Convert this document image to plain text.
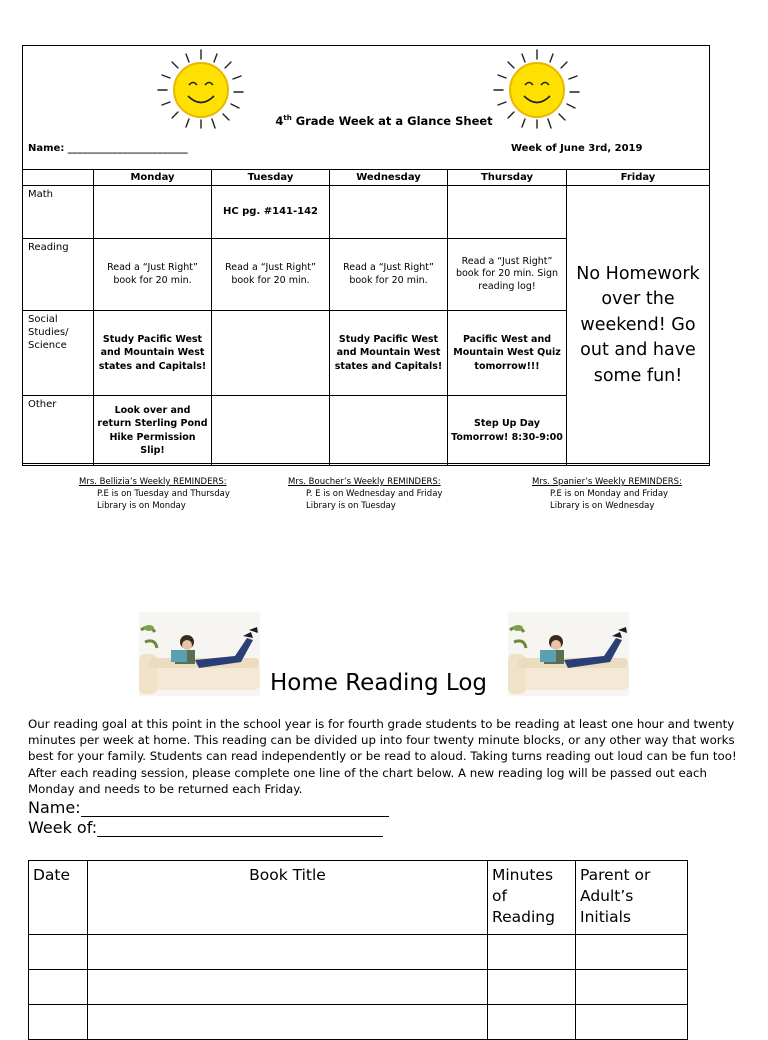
4th Grade Week at a Glance Sheet
Name: ________________________	Week of June 3rd, 2019
	Monday	Tuesday	Wednesday	Thursday	Friday
Math		HC pg. #141-142			No Homework over the weekend! Go out and have some fun!
Reading	Read a “Just Right” book for 20 min.	Read a “Just Right” book for 20 min.	Read a “Just Right” book for 20 min.	Read a “Just Right” book for 20 min. Sign reading log!	
Social Studies/ Science	Study Pacific West and Mountain West states and Capitals!		Study Pacific West and Mountain West states and Capitals!	Pacific West and Mountain West Quiz tomorrow!!!	
Other	Look over and return Sterling Pond Hike Permission Slip!			Step Up Day Tomorrow! 8:30-9:00	
Mrs. Bellizia’s Weekly REMINDERS:
P.E is on Tuesday and Thursday
Library is on Monday
Mrs. Boucher’s Weekly REMINDERS:
P. E is on Wednesday and Friday
Library is on Tuesday
Mrs. Spanier’s Weekly REMINDERS:
P.E is on Monday and Friday
Library is on Wednesday
Home Reading Log
Our reading goal at this point in the school year is for fourth grade students to be reading at least one hour and twenty minutes per week at home. This reading can be divided up into four twenty minute blocks, or any other way that works best for your family. Students can read independently or be read to aloud. Taking turns reading out loud can be fun too! After each reading session, please complete one line of the chart below. A new reading log will be passed out each Monday and needs to be returned each Friday.
Name:
Week of:
Date	Book Title	Minutes of Reading	Parent or Adult’s Initials
